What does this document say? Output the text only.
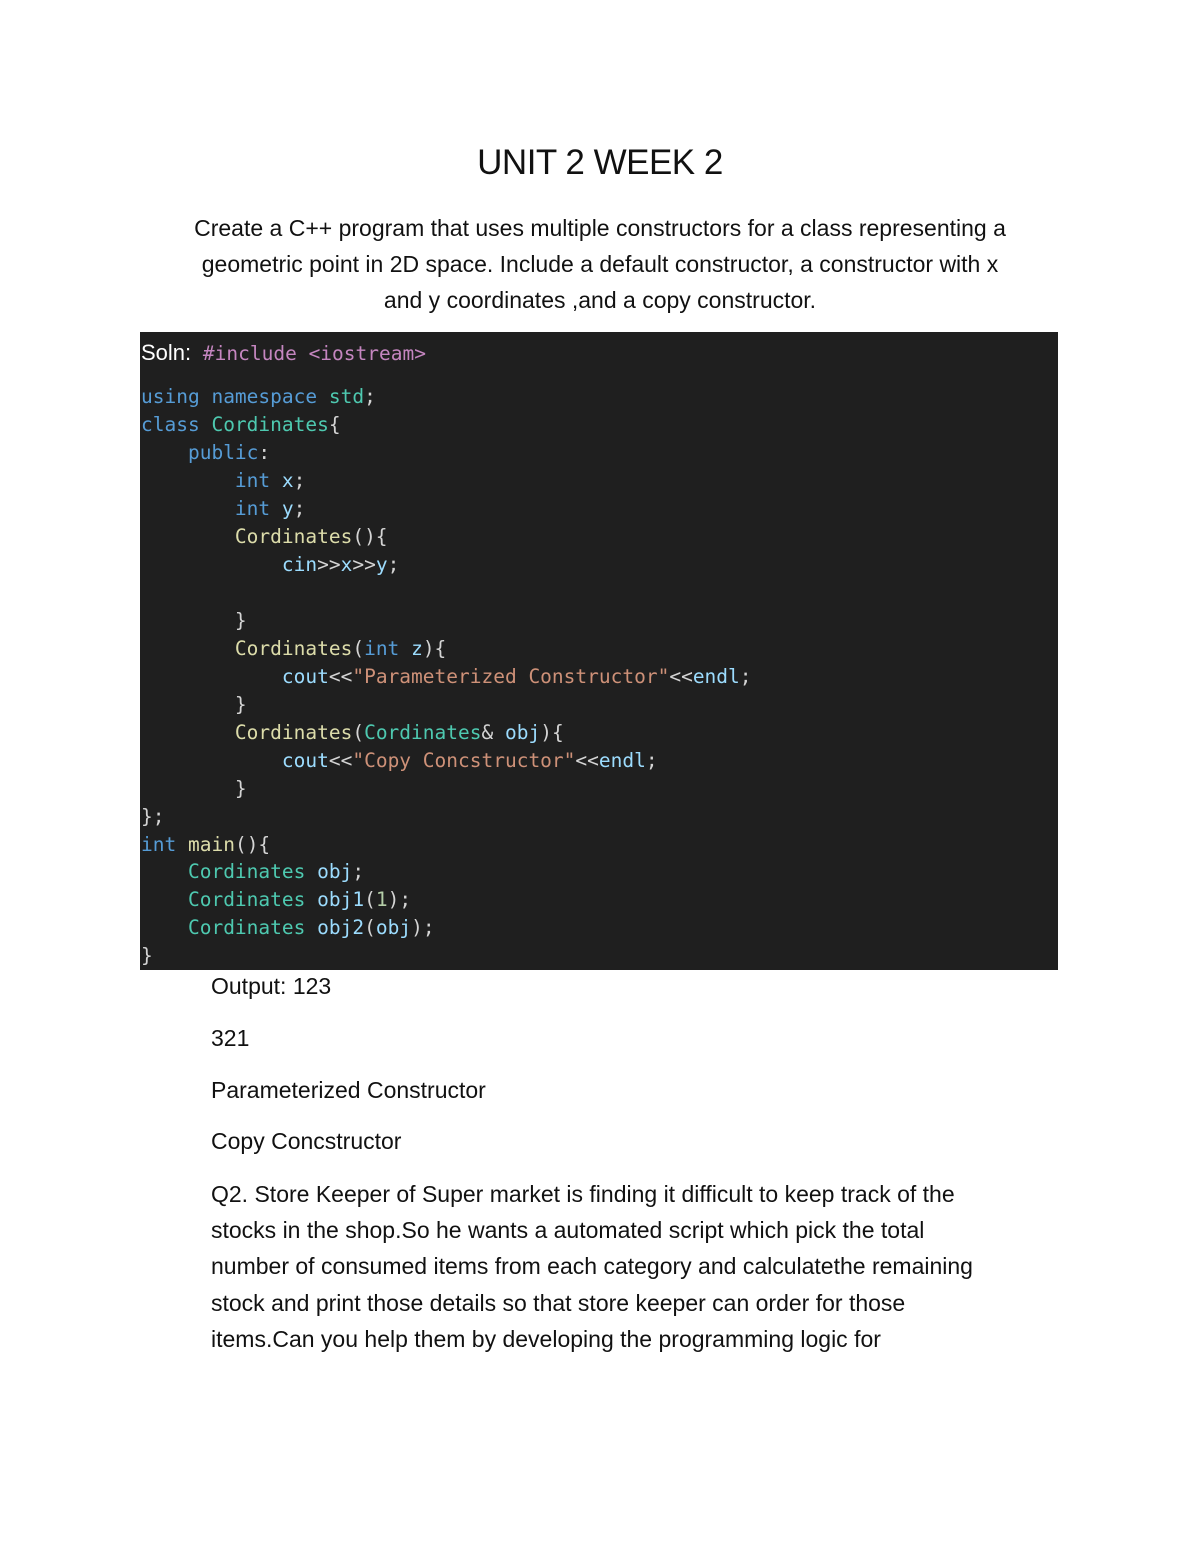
UNIT 2 WEEK 2
Create a C++ program that uses multiple constructors for a class representing a
geometric point in 2D space. Include a default constructor, a constructor with x
and y coordinates ,and a copy constructor.
Soln: #include <iostream>
using namespace std;
class Cordinates{
public:
int x;
int y;
Cordinates(){
cin>>x>>y;
}
Cordinates(int z){
cout<<"Parameterized Constructor"<<endl;
}
Cordinates(Cordinates& obj){
cout<<"Copy Concstructor"<<endl;
}
};
int main(){
Cordinates obj;
Cordinates obj1(1);
Cordinates obj2(obj);
}
Output: 123
321
Parameterized Constructor
Copy Concstructor
Q2. Store Keeper of Super market is finding it difficult to keep track of the
stocks in the shop.So he wants a automated script which pick the total
number of consumed items from each category and calculatethe remaining
stock and print those details so that store keeper can order for those
items.Can you help them by developing the programming logic for
